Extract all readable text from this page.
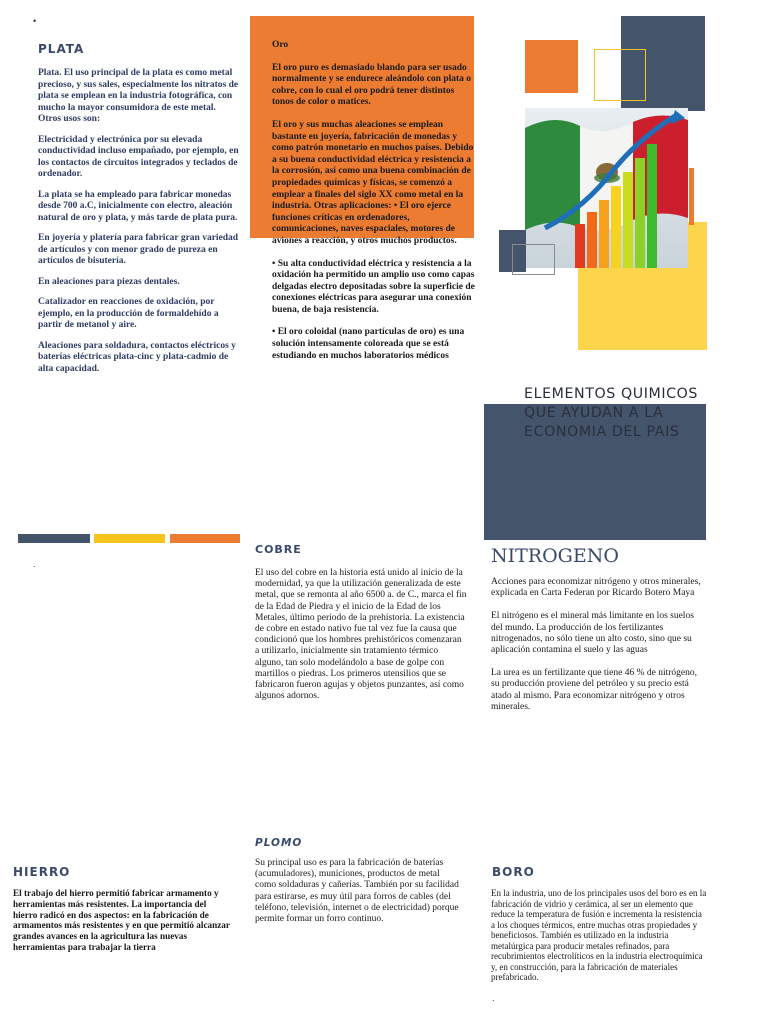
•
.
.
PLATA

Plata. El uso principal de la plata es como metal precioso, y sus sales, especialmente los nitratos de plata se emplean en la industria fotográfica, con mucho la mayor consumidora de este metal. Otros usos son:

Electricidad y electrónica por su elevada conductividad incluso empañado, por ejemplo, en los contactos de circuitos integrados y teclados de ordenador.

La plata se ha empleado para fabricar monedas desde 700 a.C, inicialmente con electro, aleación natural de oro y plata, y más tarde de plata pura.

En joyería y platería para fabricar gran variedad de artículos y con menor grado de pureza en artículos de bisutería.

En aleaciones para piezas dentales.

Catalizador en reacciones de oxidación, por ejemplo, en la producción de formaldehído a partir de metanol y aire.

Aleaciones para soldadura, contactos eléctricos y baterías eléctricas plata-cinc y plata-cadmio de alta capacidad.

Oro

El oro puro es demasiado blando para ser usado normalmente y se endurece aleándolo con plata o cobre, con lo cual el oro podrá tener distintos tonos de color o matices.

El oro y sus muchas aleaciones se emplean bastante en joyería, fabricación de monedas y como patrón monetario en muchos países. Debido a su buena conductividad eléctrica y resistencia a la corrosión, así como una buena combinación de propiedades químicas y físicas, se comenzó a emplear a finales del siglo XX como metal en la industria. Otras aplicaciones: • El oro ejerce funciones críticas en ordenadores, comunicaciones, naves espaciales, motores de aviones a reacción, y otros muchos productos.

• Su alta conductividad eléctrica y resistencia a la oxidación ha permitido un amplio uso como capas delgadas electro depositadas sobre la superficie de conexiones eléctricas para asegurar una conexión buena, de baja resistencia.

• El oro coloidal (nano partículas de oro) es una solución intensamente coloreada que se está estudiando en muchos laboratorios médicos

ELEMENTOS QUIMICOS QUE AYUDAN A LA ECONOMIA DEL PAIS
COBRE

El uso del cobre en la historia está unido al inicio de la modernidad, ya que la utilización generalizada de este metal, que se remonta al año 6500 a. de C., marca el fin de la Edad de Piedra y el inicio de la Edad de los Metales, último período de la prehistoria. La existencia de cobre en estado nativo fue tal vez fue la causa que condicionó que los hombres prehistóricos comenzaran a utilizarlo, inicialmente sin tratamiento térmico alguno, tan solo modelándolo a base de golpe con martillos o piedras. Los primeros utensilios que se fabricaron fueron agujas y objetos punzantes, así como algunos adornos.

NITROGENO

Acciones para economizar nitrógeno y otros minerales, explicada en Carta Federan por Ricardo Botero Maya

El nitrógeno es el mineral más limitante en los suelos del mundo. La producción de los fertilizantes nitrogenados, no sólo tiene un alto costo, sino que su aplicación contamina el suelo y las aguas

La urea es un fertilizante que tiene 46 % de nitrógeno, su producción proviene del petróleo y su precio está atado al mismo. Para economizar nitrógeno y otros minerales.

PLOMO

Su principal uso es para la fabricación de baterías (acumuladores), municiones, productos de metal como soldaduras y cañerías. También por su facilidad para estirarse, es muy útil para forros de cables (del teléfono, televisión, internet o de electricidad) porque permite formar un forro continuo.

HIERRO

El trabajo del hierro permitió fabricar armamento y herramientas más resistentes. La importancia del hierro radicó en dos aspectos: en la fabricación de armamentos más resistentes y en que permitió alcanzar grandes avances en la agricultura las nuevas herramientas para trabajar la tierra

BORO

En la industria, uno de los principales usos del boro es en la fabricación de vidrio y cerámica, al ser un elemento que reduce la temperatura de fusión e incrementa la resistencia a los choques térmicos, entre muchas otras propiedades y beneficiosos. También es utilizado en la industria metalúrgica para producir metales refinados, para recubrimientos electrolíticos en la industria electroquímica y, en construcción, para la fabricación de materiales prefabricado.
